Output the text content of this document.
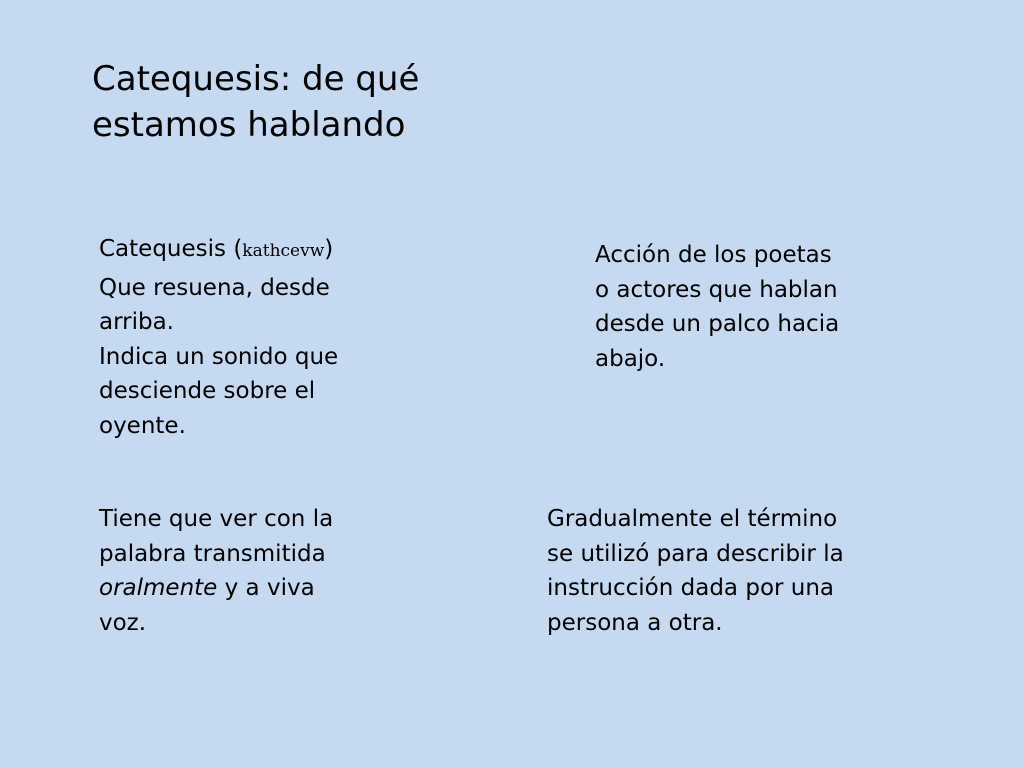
Catequesis: de qué
estamos hablando

Catequesis (kathcevw)

Que resuena, desde
arriba.
Indica un sonido que
desciende sobre el
oyente.

Acción de los poetas
o actores que hablan
desde un palco hacia
abajo.

Tiene que ver con la
palabra transmitida
oralmente y a viva
voz.

Gradualmente el término
se utilizó para describir la
instrucción dada por una
persona a otra.
